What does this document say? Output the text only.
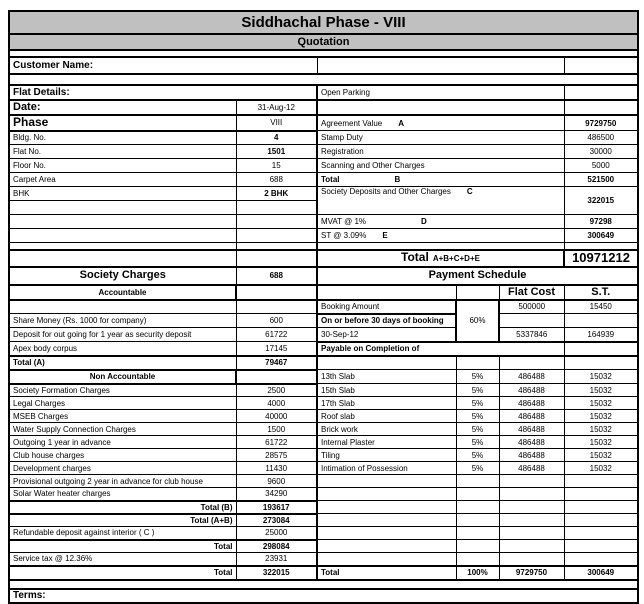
Siddhachal Phase - VIII					
Quotation					

Customer Name:					

Flat Details:		Open Parking			
Date:	31-Aug-12				
Phase	VIII	Agreement Value A			9729750
Bldg. No.	4	Stamp Duty			486500
Flat No.	1501	Registration			30000
Floor No.	15	Scanning and Other Charges			5000
Carpet Area	688	Total B			521500
BHK	2 BHK	Society Deposits and Other Charges C			322015

		MVAT @ 1% D			97298
		ST @ 3.09% E			300649

		Total A+B+C+D+E			10971212
Society Charges	688	Payment Schedule			
Accountable				Flat Cost	S.T.
		Booking Amount	60%	500000	15450
Share Money (Rs. 1000 for company)	600	On or before 30 days of booking			
Deposit for out going for 1 year as security deposit	61722	30-Sep-12		5337846	164939
Apex body corpus	17145	Payable on Completion of			
Total (A)	79467				
Non Accountable		13th Slab	5%	486488	15032
Society Formation Charges	2500	15th Slab	5%	486488	15032
Legal Charges	4000	17th Slab	5%	486488	15032
MSEB Charges	40000	Roof slab	5%	486488	15032
Water Supply Connection Charges	1500	Brick work	5%	486488	15032
Outgoing 1 year in advance	61722	Internal Plaster	5%	486488	15032
Club house charges	28575	Tiling	5%	486488	15032
Development charges	11430	Intimation of Possession	5%	486488	15032
Provisional outgoing 2 year in advance for club house	9600				
Solar Water heater charges	34290				
Total (B)	193617				
Total (A+B)	273084				
Refundable deposit against interior ( C )	25000				
Total	298084				
Service tax @ 12.36%	23931				
Total	322015	Total	100%	9729750	300649

Terms:					
